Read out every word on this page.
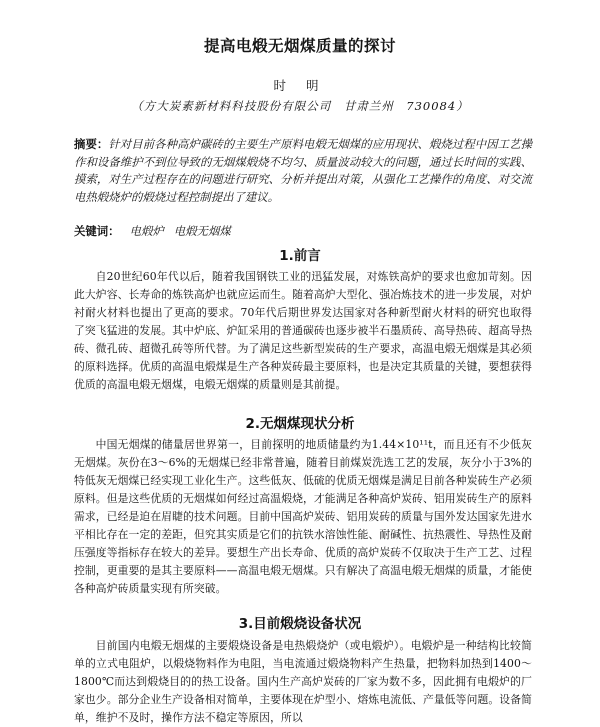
提高电煅无烟煤质量的探讨
时 明
（方大炭素新材料科技股份有限公司　甘肃兰州　730084）
摘要：针对目前各种高炉碳砖的主要生产原料电煅无烟煤的应用现状、煅烧过程中因工艺操作和设备维护不到位导致的无烟煤煅烧不均匀、质量波动较大的问题，通过长时间的实践、摸索，对生产过程存在的问题进行研究、分析并提出对策，从强化工艺操作的角度、对交流电热煅烧炉的煅烧过程控制提出了建议。
关键词： 电煅炉 电煅无烟煤
1.前言
自20世纪60年代以后，随着我国钢铁工业的迅猛发展，对炼铁高炉的要求也愈加苛刻。因此大炉容、长寿命的炼铁高炉也就应运而生。随着高炉大型化、强冶炼技术的进一步发展，对炉衬耐火材料也提出了更高的要求。70年代后期世界发达国家对各种新型耐火材料的研究也取得了突飞猛进的发展。其中炉底、炉缸采用的普通碳砖也逐步被半石墨质砖、高导热砖、超高导热砖、微孔砖、超微孔砖等所代替。为了满足这些新型炭砖的生产要求，高温电煅无烟煤是其必须的原料选择。优质的高温电煅煤是生产各种炭砖最主要原料，也是决定其质量的关键，要想获得优质的高温电煅无烟煤，电煅无烟煤的质量则是其前提。
2.无烟煤现状分析
中国无烟煤的储量居世界第一，目前探明的地质储量约为1.44×10¹¹t，而且还有不少低灰无烟煤。灰份在3～6%的无烟煤已经非常普遍，随着目前煤炭洗选工艺的发展，灰分小于3%的特低灰无烟煤已经实现工业化生产。这些低灰、低硫的优质无烟煤是满足目前各种炭砖生产必须原料。但是这些优质的无烟煤如何经过高温煅烧，才能满足各种高炉炭砖、铝用炭砖生产的原料需求，已经是迫在眉睫的技术问题。目前中国高炉炭砖、铝用炭砖的质量与国外发达国家先进水平相比存在一定的差距，但究其实质是它们的抗铁水溶蚀性能、耐碱性、抗热震性、导热性及耐压强度等指标存在较大的差异。要想生产出长寿命、优质的高炉炭砖不仅取决于生产工艺、过程控制，更重要的是其主要原料——高温电煅无烟煤。只有解决了高温电煅无烟煤的质量，才能使各种高炉砖质量实现有所突破。
3.目前煅烧设备状况
目前国内电煅无烟煤的主要煅烧设备是电热煅烧炉（或电煅炉）。电煅炉是一种结构比较简单的立式电阻炉，以煅烧物料作为电阻，当电流通过煅烧物料产生热量，把物料加热到1400～1800℃而达到煅烧目的的热工设备。国内生产高炉炭砖的厂家为数不多，因此拥有电煅炉的厂家也少。部分企业生产设备相对简单，主要体现在炉型小、熔炼电流低、产量低等问题。设备简单，维护不及时，操作方法不稳定等原因，所以
